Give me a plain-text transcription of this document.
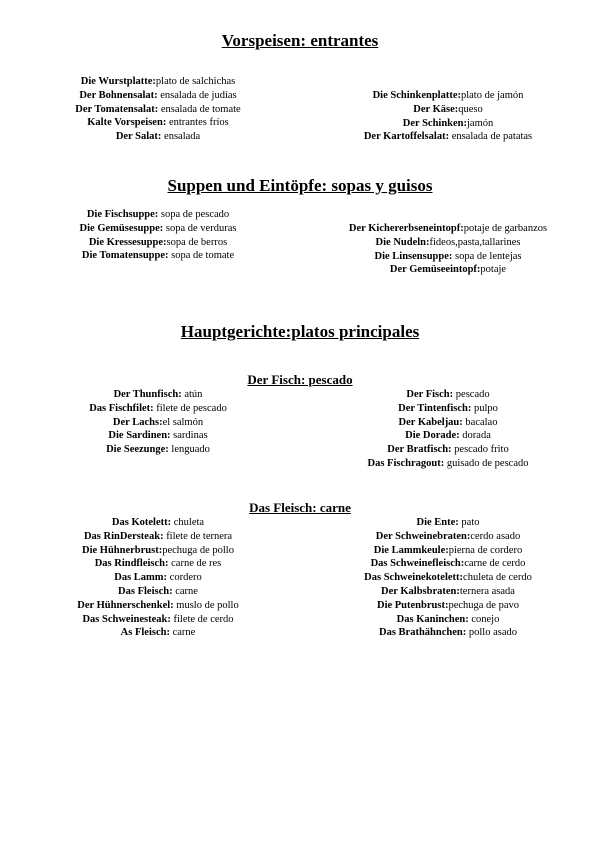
Vorspeisen: entrantes
Die Wurstplatte:plato de salchichas
Der Bohnensalat: ensalada de judías
Der Tomatensalat: ensalada de tomate
Kalte Vorspeisen: entrantes fríos
Der Salat: ensalada
Die Schinkenplatte:plato de jamón
Der Käse:queso
Der Schinken:jamón
Der Kartoffelsalat: ensalada de patatas
Suppen und Eintöpfe: sopas y guisos
Die Fischsuppe: sopa de pescado
Die Gemüsesuppe: sopa de verduras
Die Kressesuppe:sopa de berros
Die Tomatensuppe: sopa de tomate
Der Kichererbseneintopf:potaje de garbanzos
Die Nudeln:fideos,pasta,tallarines
Die Linsensuppe: sopa de lentejas
Der Gemüseeintopf:potaje
Hauptgerichte:platos principales
Der Fisch: pescado
Der Thunfisch: atún
Das Fischfilet: filete de pescado
Der Lachs:el salmón
Die Sardinen: sardinas
Die Seezunge: lenguado
Der Fisch: pescado
Der Tintenfisch: pulpo
Der Kabeljau: bacalao
Die Dorade: dorada
Der Bratfisch: pescado frito
Das Fischragout: guisado de pescado
Das Fleisch: carne
Das Kotelett: chuleta
Das RinDersteak: filete de ternera
Die Hühnerbrust:pechuga de pollo
Das Rindfleisch: carne de res
Das Lamm: cordero
Das Fleisch: carne
Der Hühnerschenkel: muslo de pollo
Das Schweinesteak: filete de cerdo
As Fleisch: carne
Die Ente: pato
Der Schweinebraten:cerdo asado
Die Lammkeule:pierna de cordero
Das Schweinefleisch:carne de cerdo
Das Schweinekotelett:chuleta de cerdo
Der Kalbsbraten:ternera asada
Die Putenbrust:pechuga de pavo
Das Kaninchen: conejo
Das Brathähnchen: pollo asado
